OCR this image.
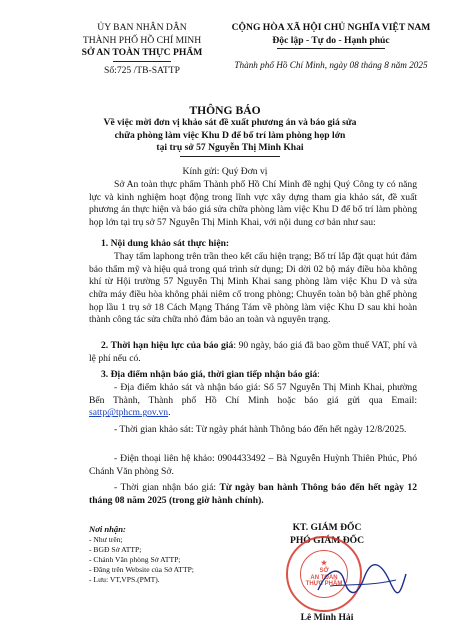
ỦY BAN NHÂN DÂN
THÀNH PHỐ HỒ CHÍ MINH
SỞ AN TOÀN THỰC PHẨM
Số:725 /TB-SATTP
CỘNG HÒA XÃ HỘI CHỦ NGHĨA VIỆT NAM
Độc lập - Tự do - Hạnh phúc
Thành phố Hồ Chí Minh, ngày 08 tháng 8 năm 2025
THÔNG BÁO
Về việc mời đơn vị khảo sát đề xuất phương án và báo giá sửa
chữa phòng làm việc Khu D để bố trí làm phòng họp lớn
tại trụ sở 57 Nguyễn Thị Minh Khai
Kính gửi: Quý Đơn vị
Sở An toàn thực phẩm Thành phố Hồ Chí Minh đề nghị Quý Công ty có năng lực và kinh nghiệm hoạt động trong lĩnh vực xây dựng tham gia khảo sát, đề xuất phương án thực hiện và báo giá sửa chữa phòng làm việc Khu D để bố trí làm phòng họp lớn tại trụ sở 57 Nguyễn Thị Minh Khai, với nội dung cơ bản như sau:
1. Nội dung khảo sát thực hiện:
Thay tấm laphong trên trần theo kết cấu hiện trạng; Bố trí lắp đặt quạt hút đảm bảo thẩm mỹ và hiệu quả trong quá trình sử dụng; Di dời 02 bộ máy điều hòa không khí từ Hội trường 57 Nguyễn Thị Minh Khai sang phòng làm việc Khu D và sửa chữa máy điều hòa không phải niêm cố trong phòng; Chuyển toàn bộ bàn ghế phòng họp lầu 1 trụ sở 18 Cách Mạng Tháng Tám về phòng làm việc Khu D sau khi hoàn thành công tác sửa chữa nhỏ đảm bảo an toàn và nguyên trạng.
2. Thời hạn hiệu lực của báo giá: 90 ngày, báo giá đã bao gồm thuế VAT, phí và lệ phí nếu có.
3. Địa điểm nhận báo giá, thời gian tiếp nhận báo giá:
- Địa điểm khảo sát và nhận báo giá: Số 57 Nguyễn Thị Minh Khai, phường Bến Thành, Thành phố Hồ Chí Minh hoặc báo giá gửi qua Email: sattp@tphcm.gov.vn.
- Thời gian khảo sát: Từ ngày phát hành Thông báo đến hết ngày 12/8/2025.
- Điện thoại liên hệ khảo: 0904433492 – Bà Nguyễn Huỳnh Thiên Phúc, Phó Chánh Văn phòng Sở.
- Thời gian nhận báo giá: Từ ngày ban hành Thông báo đến hết ngày 12 tháng 08 năm 2025 (trong giờ hành chính).
Nơi nhận:
- Như trên;
- BGĐ Sở ATTP;
- Chánh Văn phòng Sở ATTP;
- Đăng trên Website của Sở ATTP;
- Lưu: VT,VPS.(PMT).
KT. GIÁM ĐỐC
PHÓ GIÁM ĐỐC
★
SỞ
AN TOÀN
THỰC PHẨM
Lê Minh Hải
